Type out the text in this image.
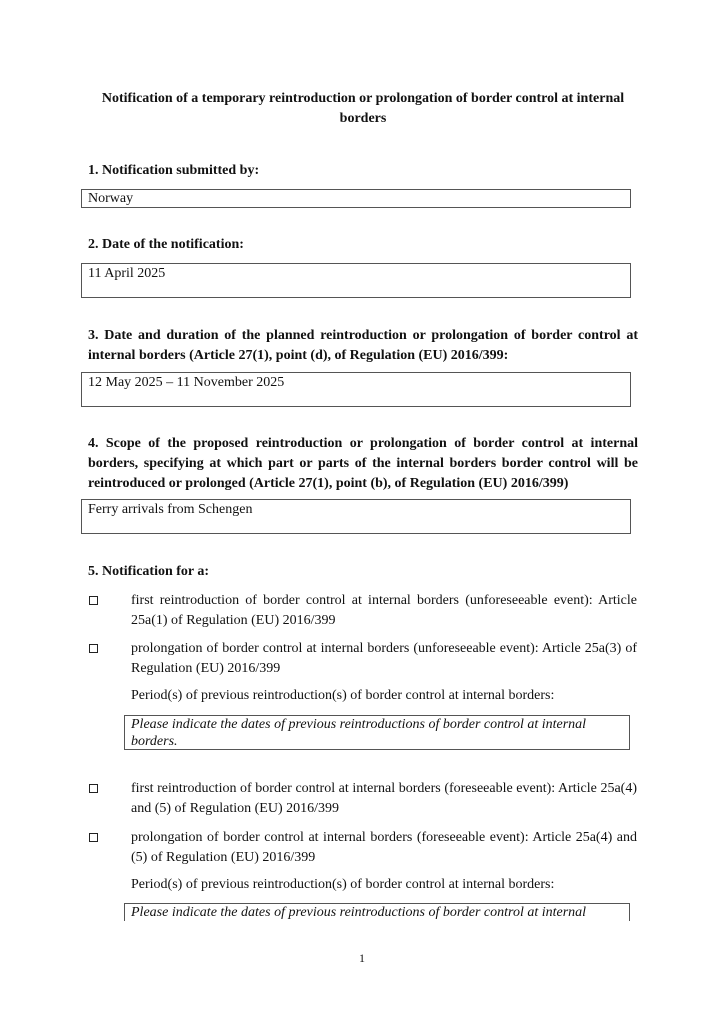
Notification of a temporary reintroduction or prolongation of border control at internal borders
1. Notification submitted by:
Norway
2. Date of the notification:
11 April 2025
3. Date and duration of the planned reintroduction or prolongation of border control at internal borders (Article 27(1), point (d), of Regulation (EU) 2016/399:
12 May 2025 – 11 November 2025
4. Scope of the proposed reintroduction or prolongation of border control at internal borders, specifying at which part or parts of the internal borders border control will be reintroduced or prolonged (Article 27(1), point (b), of Regulation (EU) 2016/399)
Ferry arrivals from Schengen
5. Notification for a:
first reintroduction of border control at internal borders (unforeseeable event): Article 25a(1) of Regulation (EU) 2016/399
prolongation of border control at internal borders (unforeseeable event): Article 25a(3) of Regulation (EU) 2016/399
Period(s) of previous reintroduction(s) of border control at internal borders:
Please indicate the dates of previous reintroductions of border control at internal borders.
first reintroduction of border control at internal borders (foreseeable event): Article 25a(4) and (5) of Regulation (EU) 2016/399
prolongation of border control at internal borders (foreseeable event): Article 25a(4) and (5) of Regulation (EU) 2016/399
Period(s) of previous reintroduction(s) of border control at internal borders:
Please indicate the dates of previous reintroductions of border control at internal
1
